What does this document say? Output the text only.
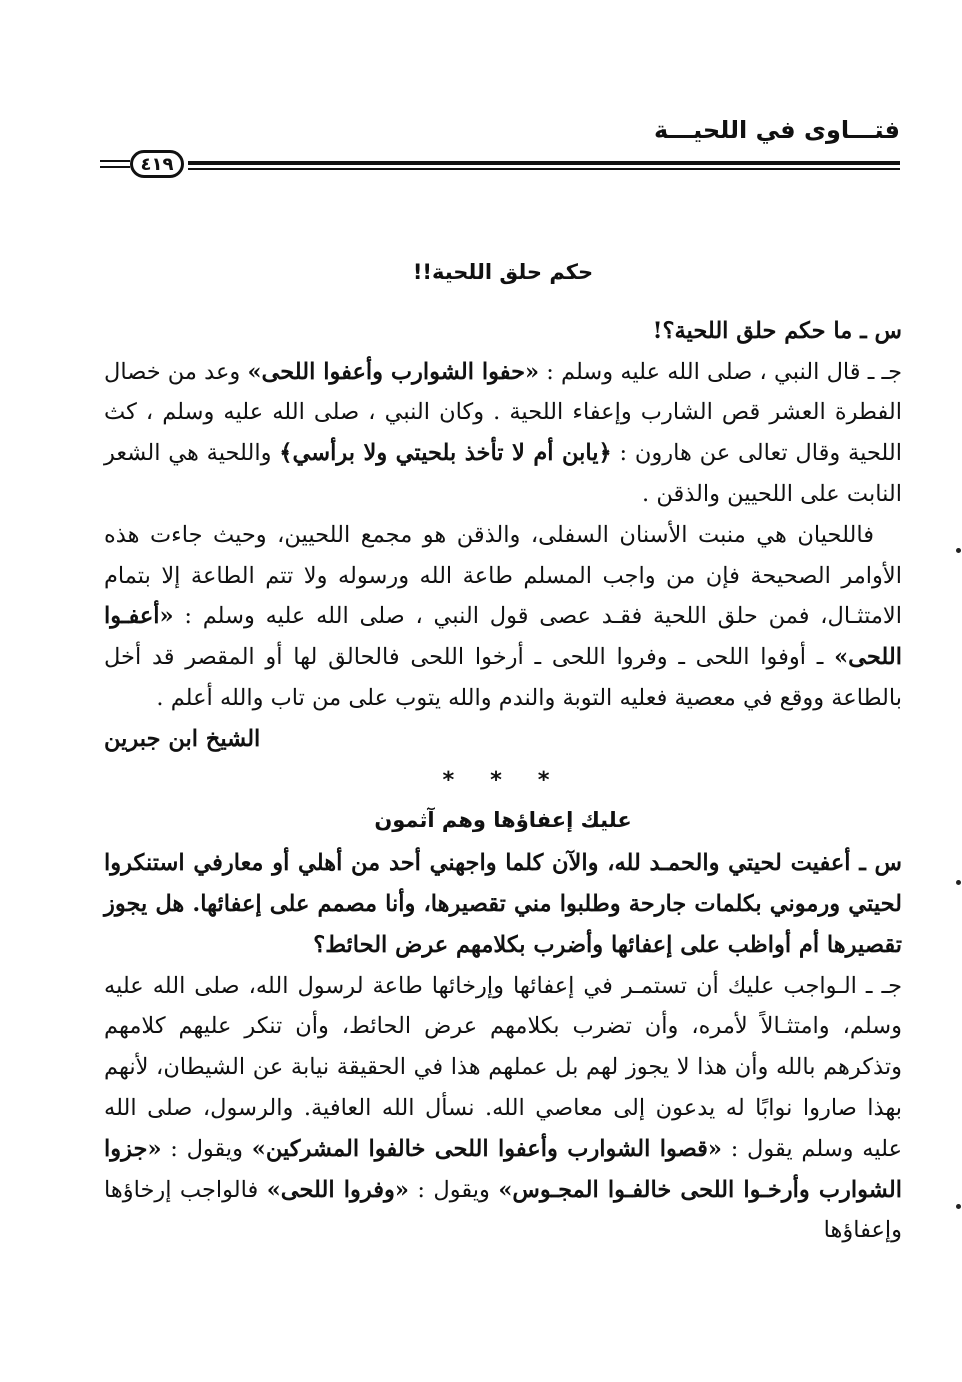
فتـــاوى في اللحيـــة
٤١٩

حكم حلق اللحية!!

س ـ ما حكم حلق اللحية؟!

جـ ـ قال النبي ، صلى الله عليه وسلم : «حفوا الشوارب وأعفوا اللحى» وعد من خصال الفطرة العشر قص الشارب وإعفاء اللحية . وكان النبي ، صلى الله عليه وسلم ، كث اللحية وقال تعالى عن هارون : ﴿يابن أم لا تأخذ بلحيتي ولا برأسي﴾ واللحية هي الشعر النابت على اللحيين والذقن .

فاللحيان هي منبت الأسنان السفلى، والذقن هو مجمع اللحيين، وحيث جاءت هذه الأوامر الصحيحة فإن من واجب المسلم طاعة الله ورسوله ولا تتم الطاعة إلا بتمام الامتثـال، فمن حلق اللحية فقـد عصى قول النبي ، صلى الله عليه وسلم : «أعفـوا اللحى» ـ أوفوا اللحى ـ وفروا اللحى ـ أرخوا اللحى فالحالق لها أو المقصر قد أخل بالطاعة ووقع في معصية فعليه التوبة والندم والله يتوب على من تاب والله أعلم .

الشيخ ابن جبرين

* * *

عليك إعفاؤها وهم آثمون

س ـ أعفيت لحيتي والحمـد لله، والآن كلما واجهني أحد من أهلي أو معارفي استنكروا لحيتي ورموني بكلمات جارحة وطلبوا مني تقصيرها، وأنا مصمم على إعفائها. هل يجوز تقصيرها أم أواظب على إعفائها وأضرب بكلامهم عرض الحائط؟

جـ ـ الـواجب عليك أن تستمـر في إعفائها وإرخائها طاعة لرسول الله، صلى الله عليه وسلم، وامتثـالاً لأمره، وأن تضرب بكلامهم عرض الحائط، وأن تنكر عليهم كلامهم وتذكرهم بالله وأن هذا لا يجوز لهم بل عملهم هذا في الحقيقة نيابة عن الشيطان، لأنهم بهذا صاروا نوابًا له يدعون إلى معاصي الله. نسأل الله العافية. والرسول، صلى الله عليه وسلم يقول : «قصوا الشوارب وأعفوا اللحى خالفوا المشركين» ويقول : «جزوا الشوارب وأرخـوا اللحى خالفـوا المجـوس» ويقول : «وفروا اللحى» فالواجب إرخاؤها وإعفاؤها
